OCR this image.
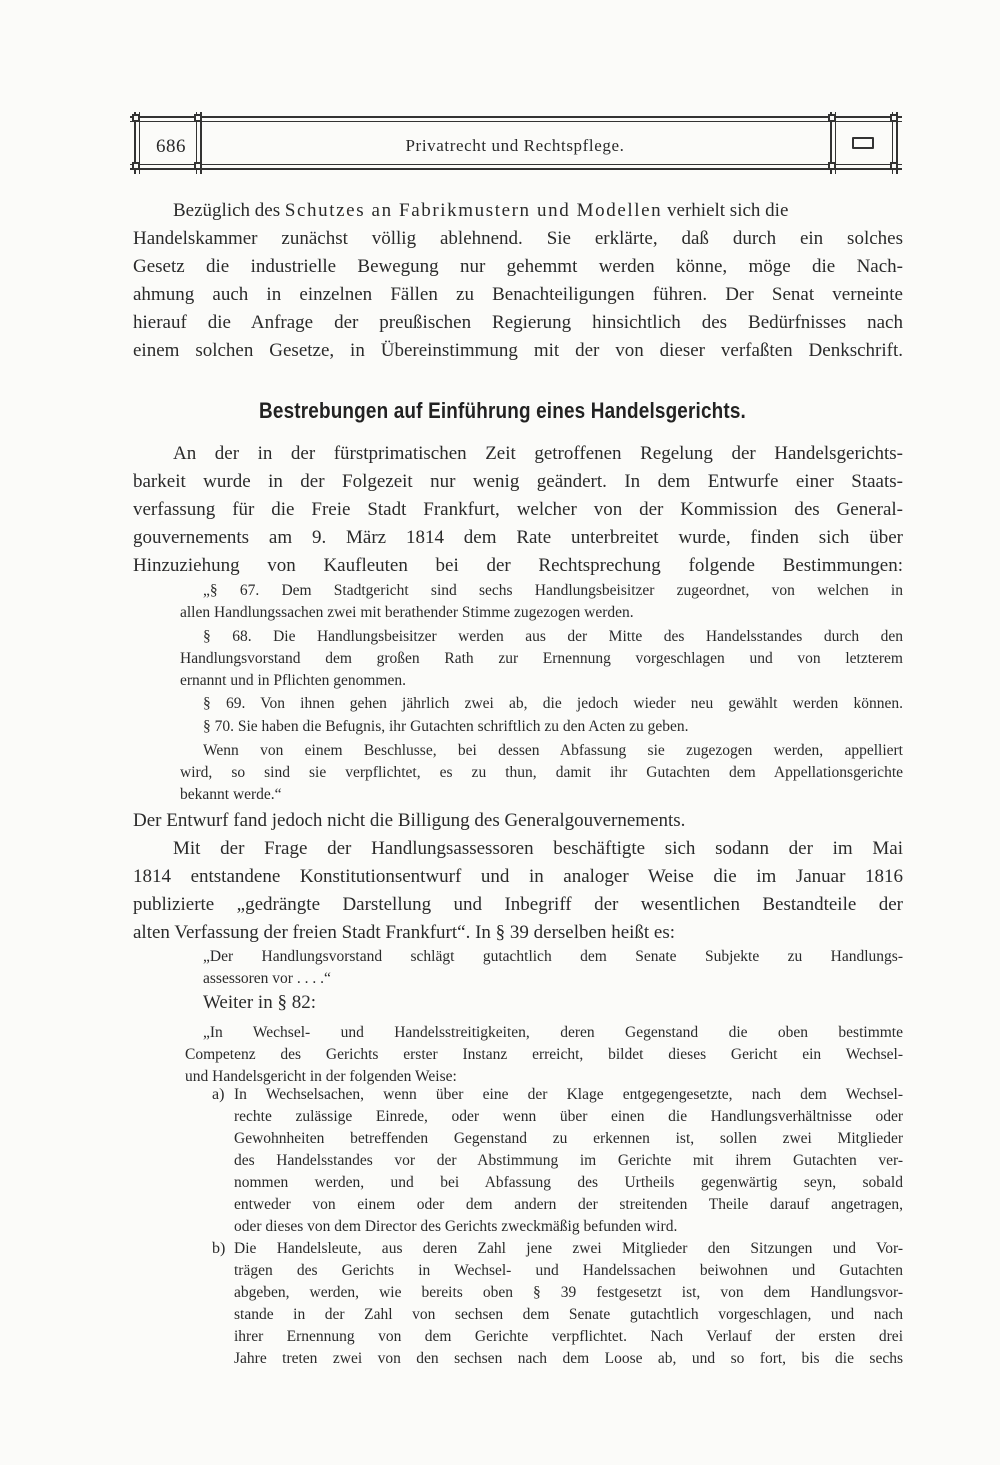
686	Privatrecht und Rechtspflege.
Bezüglich des Schutzes an Fabrikmustern und Modellen verhielt sich die
Handelskammer zunächst völlig ablehnend. Sie erklärte, daß durch ein solches
Gesetz die industrielle Bewegung nur gehemmt werden könne, möge die Nach-
ahmung auch in einzelnen Fällen zu Benachteiligungen führen. Der Senat verneinte
hierauf die Anfrage der preußischen Regierung hinsichtlich des Bedürfnisses nach
einem solchen Gesetze, in Übereinstimmung mit der von dieser verfaßten Denkschrift.
Bestrebungen auf Einführung eines Handelsgerichts.
An der in der fürstprimatischen Zeit getroffenen Regelung der Handelsgerichts-
barkeit wurde in der Folgezeit nur wenig geändert. In dem Entwurfe einer Staats-
verfassung für die Freie Stadt Frankfurt, welcher von der Kommission des General-
gouvernements am 9. März 1814 dem Rate unterbreitet wurde, finden sich über
Hinzuziehung von Kaufleuten bei der Rechtsprechung folgende Bestimmungen:
„§ 67. Dem Stadtgericht sind sechs Handlungsbeisitzer zugeordnet, von welchen in
allen Handlungssachen zwei mit berathender Stimme zugezogen werden.
§ 68. Die Handlungsbeisitzer werden aus der Mitte des Handelsstandes durch den
Handlungsvorstand dem großen Rath zur Ernennung vorgeschlagen und von letzterem
ernannt und in Pflichten genommen.
§ 69. Von ihnen gehen jährlich zwei ab, die jedoch wieder neu gewählt werden können.
§ 70. Sie haben die Befugnis, ihr Gutachten schriftlich zu den Acten zu geben.
Wenn von einem Beschlusse, bei dessen Abfassung sie zugezogen werden, appelliert
wird, so sind sie verpflichtet, es zu thun, damit ihr Gutachten dem Appellationsgerichte
bekannt werde.“
Der Entwurf fand jedoch nicht die Billigung des Generalgouvernements.
Mit der Frage der Handlungsassessoren beschäftigte sich sodann der im Mai
1814 entstandene Konstitutionsentwurf und in analoger Weise die im Januar 1816
publizierte „gedrängte Darstellung und Inbegriff der wesentlichen Bestandteile der
alten Verfassung der freien Stadt Frankfurt“. In § 39 derselben heißt es:
„Der Handlungsvorstand schlägt gutachtlich dem Senate Subjekte zu Handlungs-
assessoren vor . . . .“
Weiter in § 82:
„In Wechsel- und Handelsstreitigkeiten, deren Gegenstand die oben bestimmte
Competenz des Gerichts erster Instanz erreicht, bildet dieses Gericht ein Wechsel-
und Handelsgericht in der folgenden Weise:
a) In Wechselsachen, wenn über eine der Klage entgegengesetzte, nach dem Wechsel-
rechte zulässige Einrede, oder wenn über einen die Handlungsverhältnisse oder
Gewohnheiten betreffenden Gegenstand zu erkennen ist, sollen zwei Mitglieder
des Handelsstandes vor der Abstimmung im Gerichte mit ihrem Gutachten ver-
nommen werden, und bei Abfassung des Urtheils gegenwärtig seyn, sobald
entweder von einem oder dem andern der streitenden Theile darauf angetragen,
oder dieses von dem Director des Gerichts zweckmäßig befunden wird.
b) Die Handelsleute, aus deren Zahl jene zwei Mitglieder den Sitzungen und Vor-
trägen des Gerichts in Wechsel- und Handelssachen beiwohnen und Gutachten
abgeben, werden, wie bereits oben § 39 festgesetzt ist, von dem Handlungsvor-
stande in der Zahl von sechsen dem Senate gutachtlich vorgeschlagen, und nach
ihrer Ernennung von dem Gerichte verpflichtet. Nach Verlauf der ersten drei
Jahre treten zwei von den sechsen nach dem Loose ab, und so fort, bis die sechs
